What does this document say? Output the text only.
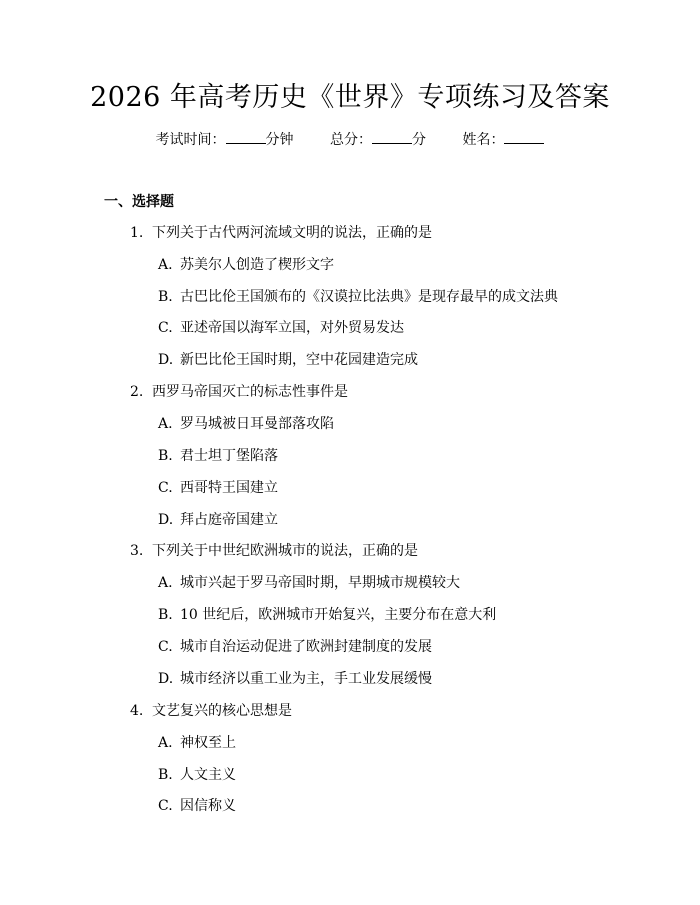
2026 年高考历史《世界》专项练习及答案
考试时间：	分钟	总分：	分	姓名：
一、选择题
1. 下列关于古代两河流域文明的说法，正确的是
A. 苏美尔人创造了楔形文字
B. 古巴比伦王国颁布的《汉谟拉比法典》是现存最早的成文法典
C. 亚述帝国以海军立国，对外贸易发达
D. 新巴比伦王国时期，空中花园建造完成
2. 西罗马帝国灭亡的标志性事件是
A. 罗马城被日耳曼部落攻陷
B. 君士坦丁堡陷落
C. 西哥特王国建立
D. 拜占庭帝国建立
3. 下列关于中世纪欧洲城市的说法，正确的是
A. 城市兴起于罗马帝国时期，早期城市规模较大
B. 10 世纪后，欧洲城市开始复兴，主要分布在意大利
C. 城市自治运动促进了欧洲封建制度的发展
D. 城市经济以重工业为主，手工业发展缓慢
4. 文艺复兴的核心思想是
A. 神权至上
B. 人文主义
C. 因信称义
